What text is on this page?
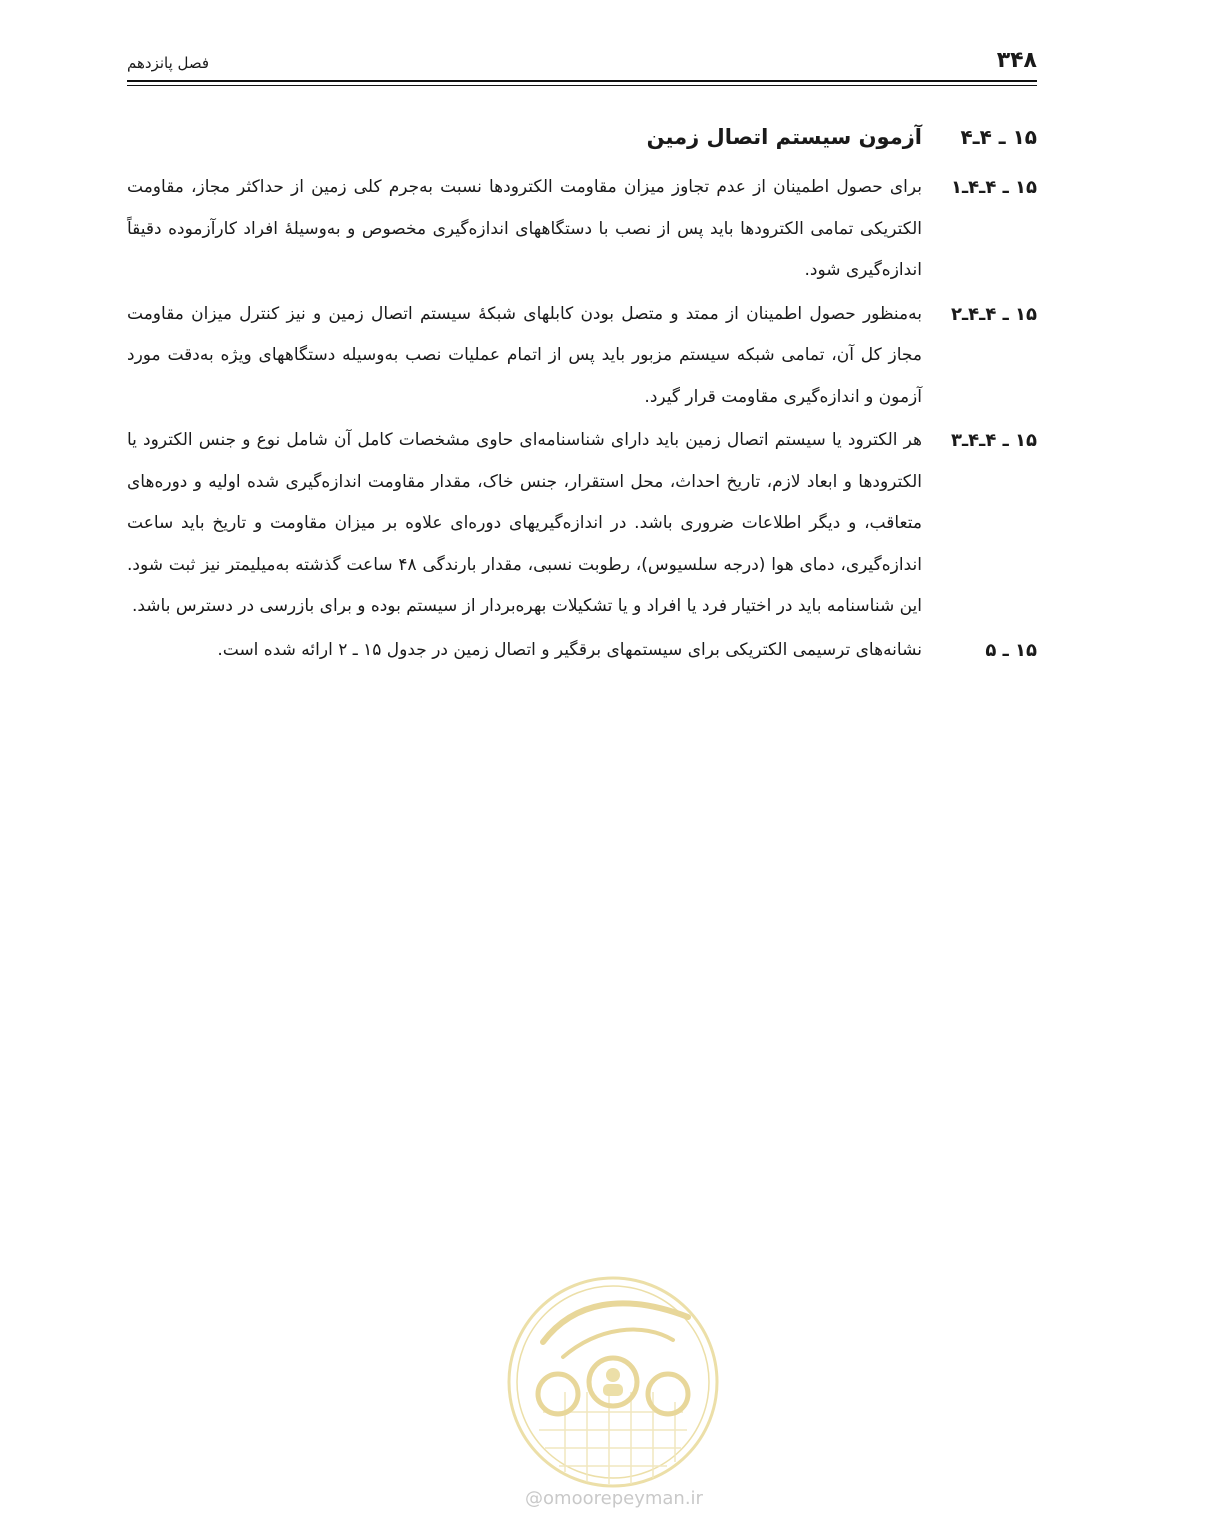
۳۴۸
فصل پانزدهم
۱۵ ـ ۴ـ۴
آزمون سیستم اتصال زمین
۱۵ ـ ۴ـ۴ـ۱
برای حصول اطمینان از عدم تجاوز میزان مقاومت الکترودها نسبت به‌جرم کلی زمین از حداکثر مجاز، مقاومت الکتریکی تمامی الکترودها باید پس از نصب با دستگاههای اندازه‌گیری مخصوص و به‌وسیلهٔ افراد کارآزموده دقیقاً اندازه‌گیری شود.
۱۵ ـ ۴ـ۴ـ۲
به‌منظور حصول اطمینان از ممتد و متصل بودن کابلهای شبکهٔ سیستم اتصال زمین و نیز کنترل میزان مقاومت مجاز کل آن، تمامی شبکه سیستم مزبور باید پس از اتمام عملیات نصب به‌وسیله دستگاههای ویژه به‌دقت مورد آزمون و اندازه‌گیری مقاومت قرار گیرد.
۱۵ ـ ۴ـ۴ـ۳
هر الکترود یا سیستم اتصال زمین باید دارای شناسنامه‌ای حاوی مشخصات کامل آن شامل نوع و جنس الکترود یا الکترودها و ابعاد لازم، تاریخ احداث، محل استقرار، جنس خاک، مقدار مقاومت اندازه‌گیری شده اولیه و دوره‌های متعاقب، و دیگر اطلاعات ضروری باشد. در اندازه‌گیریهای دوره‌ای علاوه بر میزان مقاومت و تاریخ باید ساعت اندازه‌گیری، دمای هوا (درجه سلسیوس)، رطوبت نسبی، مقدار بارندگی ۴۸ ساعت گذشته به‌میلیمتر نیز ثبت شود. این شناسنامه باید در اختیار فرد یا افراد و یا تشکیلات بهره‌بردار از سیستم بوده و برای بازرسی در دسترس باشد.
۱۵ ـ ۵
نشانه‌های ترسیمی الکتریکی برای سیستمهای برقگیر و اتصال زمین در جدول ۱۵ ـ ۲ ارائه شده است.
@omoorepeyman.ir
